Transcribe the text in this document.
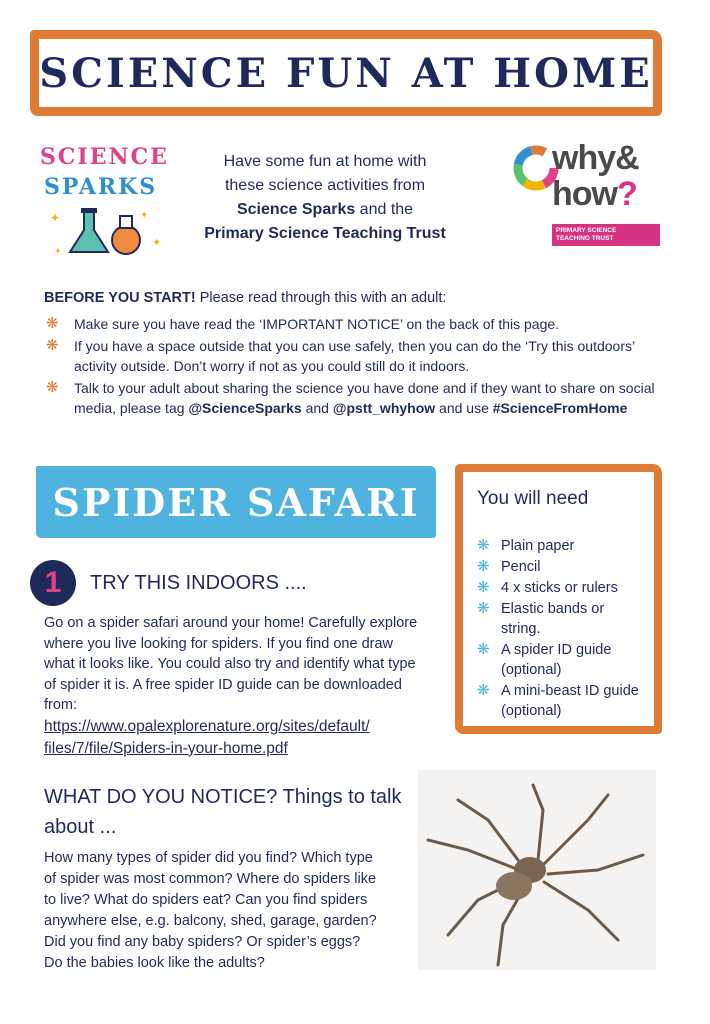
SCIENCE FUN AT HOME
SCIENCE
SPARKS
✦	✦
✦
✦
Have some fun at home with
these science activities from
Science Sparks and the
Primary Science Teaching Trust
why&
how?
PRIMARY SCIENCE
TEACHING TRUST
BEFORE YOU START! Please read through this with an adult:
❋ Make sure you have read the ‘IMPORTANT NOTICE’ on the back of this page.
❋ If you have a space outside that you can use safely, then you can do the ‘Try this outdoors’ activity outside. Don’t worry if not as you could still do it indoors.
❋ Talk to your adult about sharing the science you have done and if they want to share on social media, please tag @ScienceSparks and @pstt_whyhow and use #ScienceFromHome
SPIDER SAFARI	You will need
❋ Plain paper
❋ Pencil
❋ 4 x sticks or rulers
❋ Elastic bands or string.
❋ A spider ID guide (optional)
❋ A mini-beast ID guide (optional)
1	TRY THIS INDOORS ....
Go on a spider safari around your home! Carefully explore where you live looking for spiders. If you find one draw what it looks like. You could also try and identify what type of spider it is. A free spider ID guide can be downloaded from:
https://www.opalexplorenature.org/sites/default/
files/7/file/Spiders-in-your-home.pdf
WHAT DO YOU NOTICE? Things to talk about ...
How many types of spider did you find? Which type
of spider was most common? Where do spiders like
to live? What do spiders eat? Can you find spiders
anywhere else, e.g. balcony, shed, garage, garden?
Did you find any baby spiders? Or spider’s eggs?
Do the babies look like the adults?
